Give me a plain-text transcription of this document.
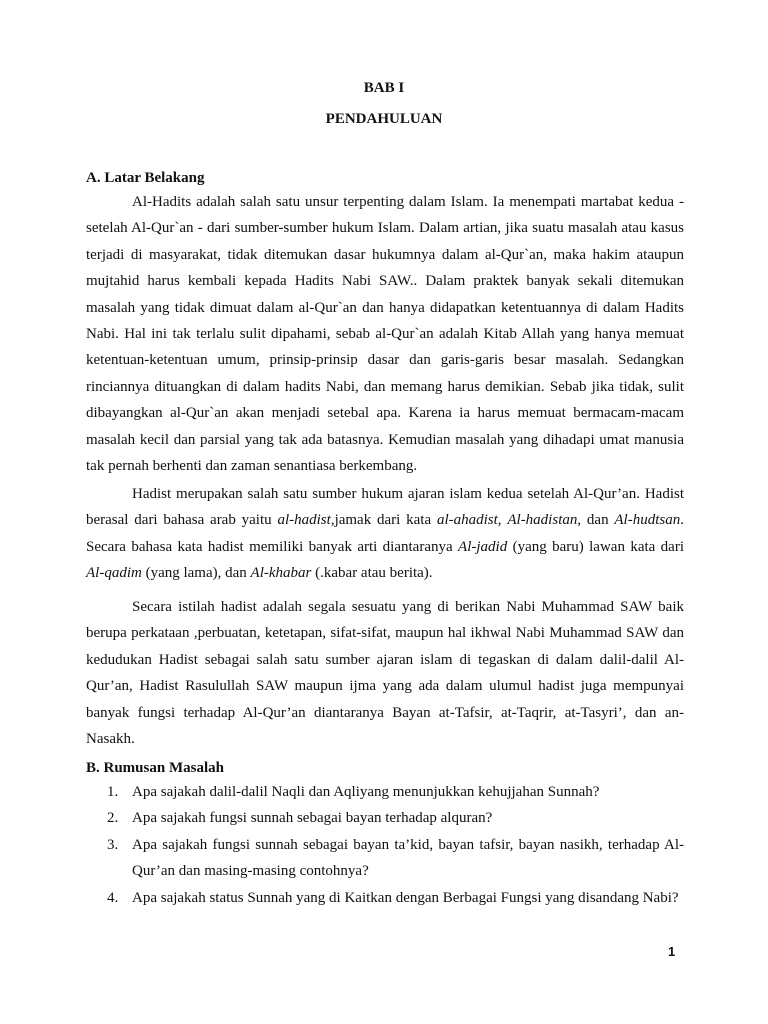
BAB I

PENDAHULUAN

A. Latar Belakang

Al-Hadits adalah salah satu unsur terpenting dalam Islam. Ia menempati martabat kedua -setelah Al-Qur`an - dari sumber-sumber hukum Islam. Dalam artian, jika suatu masalah atau kasus terjadi di masyarakat, tidak ditemukan dasar hukumnya dalam al-Qur`an, maka hakim ataupun mujtahid harus kembali kepada Hadits Nabi SAW.. Dalam praktek banyak sekali ditemukan masalah yang tidak dimuat dalam al-Qur`an dan hanya didapatkan ketentuannya di dalam Hadits Nabi. Hal ini tak terlalu sulit dipahami, sebab al-Qur`an adalah Kitab Allah yang hanya memuat ketentuan-ketentuan umum, prinsip-prinsip dasar dan garis-garis besar masalah. Sedangkan rinciannya dituangkan di dalam hadits Nabi, dan memang harus demikian. Sebab jika tidak, sulit dibayangkan al-Qur`an akan menjadi setebal apa. Karena ia harus memuat bermacam-macam masalah kecil dan parsial yang tak ada batasnya. Kemudian masalah yang dihadapi umat manusia tak pernah berhenti dan zaman senantiasa berkembang.

Hadist merupakan salah satu sumber hukum ajaran islam kedua setelah Al-Qur’an. Hadist berasal dari bahasa arab yaitu al-hadist,jamak dari kata al-ahadist, Al-hadistan, dan Al-hudtsan. Secara bahasa kata hadist memiliki banyak arti diantaranya Al-jadid (yang baru) lawan kata dari Al-qadim (yang lama), dan Al-khabar (.kabar atau berita).

Secara istilah hadist adalah segala sesuatu yang di berikan Nabi Muhammad SAW baik berupa perkataan ,perbuatan, ketetapan, sifat-sifat, maupun hal ikhwal Nabi Muhammad SAW dan kedudukan Hadist sebagai salah satu sumber ajaran islam di tegaskan di dalam dalil-dalil Al-Qur’an, Hadist Rasulullah SAW maupun ijma yang ada dalam ulumul hadist juga mempunyai banyak fungsi terhadap Al-Qur’an diantaranya Bayan at-Tafsir, at-Taqrir, at-Tasyri’, dan an-Nasakh.

B. Rumusan Masalah

1. Apa sajakah dalil-dalil Naqli dan Aqliyang menunjukkan kehujjahan Sunnah?
2. Apa sajakah fungsi sunnah sebagai bayan terhadap alquran?
3. Apa sajakah fungsi sunnah sebagai bayan ta’kid, bayan tafsir, bayan nasikh, terhadap Al-Qur’an dan masing-masing contohnya?
4. Apa sajakah status Sunnah yang di Kaitkan dengan Berbagai Fungsi yang disandang Nabi?

1
